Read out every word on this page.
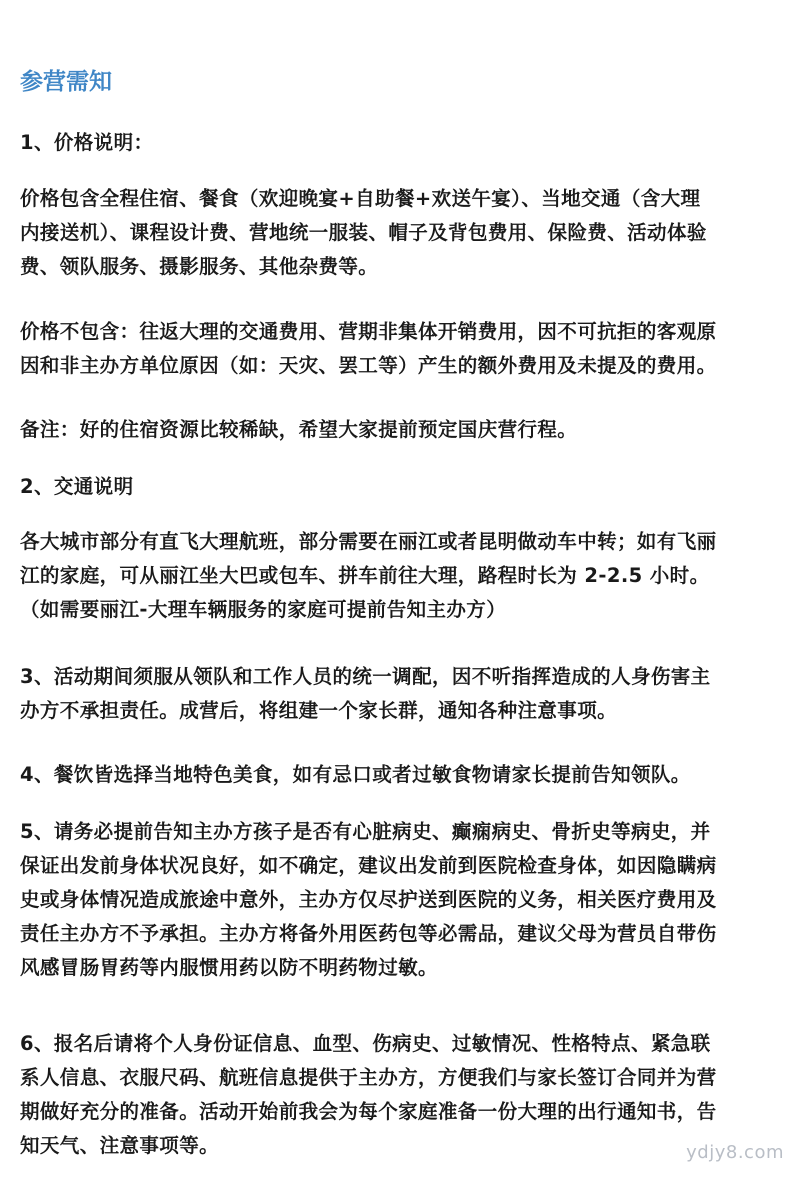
参营需知
1、价格说明：
价格包含全程住宿、餐食（欢迎晚宴+自助餐+欢送午宴）、当地交通（含大理
内接送机）、课程设计费、营地统一服装、帽子及背包费用、保险费、活动体验
费、领队服务、摄影服务、其他杂费等。
价格不包含：往返大理的交通费用、营期非集体开销费用，因不可抗拒的客观原
因和非主办方单位原因（如：天灾、罢工等）产生的额外费用及未提及的费用。
备注：好的住宿资源比较稀缺，希望大家提前预定国庆营行程。
2、交通说明
各大城市部分有直飞大理航班，部分需要在丽江或者昆明做动车中转；如有飞丽
江的家庭，可从丽江坐大巴或包车、拼车前往大理，路程时长为 2-2.5 小时。
（如需要丽江-大理车辆服务的家庭可提前告知主办方）
3、活动期间须服从领队和工作人员的统一调配，因不听指挥造成的人身伤害主
办方不承担责任。成营后，将组建一个家长群，通知各种注意事项。
4、餐饮皆选择当地特色美食，如有忌口或者过敏食物请家长提前告知领队。
5、请务必提前告知主办方孩子是否有心脏病史、癫痫病史、骨折史等病史，并
保证出发前身体状况良好，如不确定，建议出发前到医院检查身体，如因隐瞒病
史或身体情况造成旅途中意外，主办方仅尽护送到医院的义务，相关医疗费用及
责任主办方不予承担。主办方将备外用医药包等必需品，建议父母为营员自带伤
风感冒肠胃药等内服惯用药以防不明药物过敏。
6、报名后请将个人身份证信息、血型、伤病史、过敏情况、性格特点、紧急联
系人信息、衣服尺码、航班信息提供于主办方，方便我们与家长签订合同并为营
期做好充分的准备。活动开始前我会为每个家庭准备一份大理的出行通知书，告
知天气、注意事项等。	ydjy8.com
